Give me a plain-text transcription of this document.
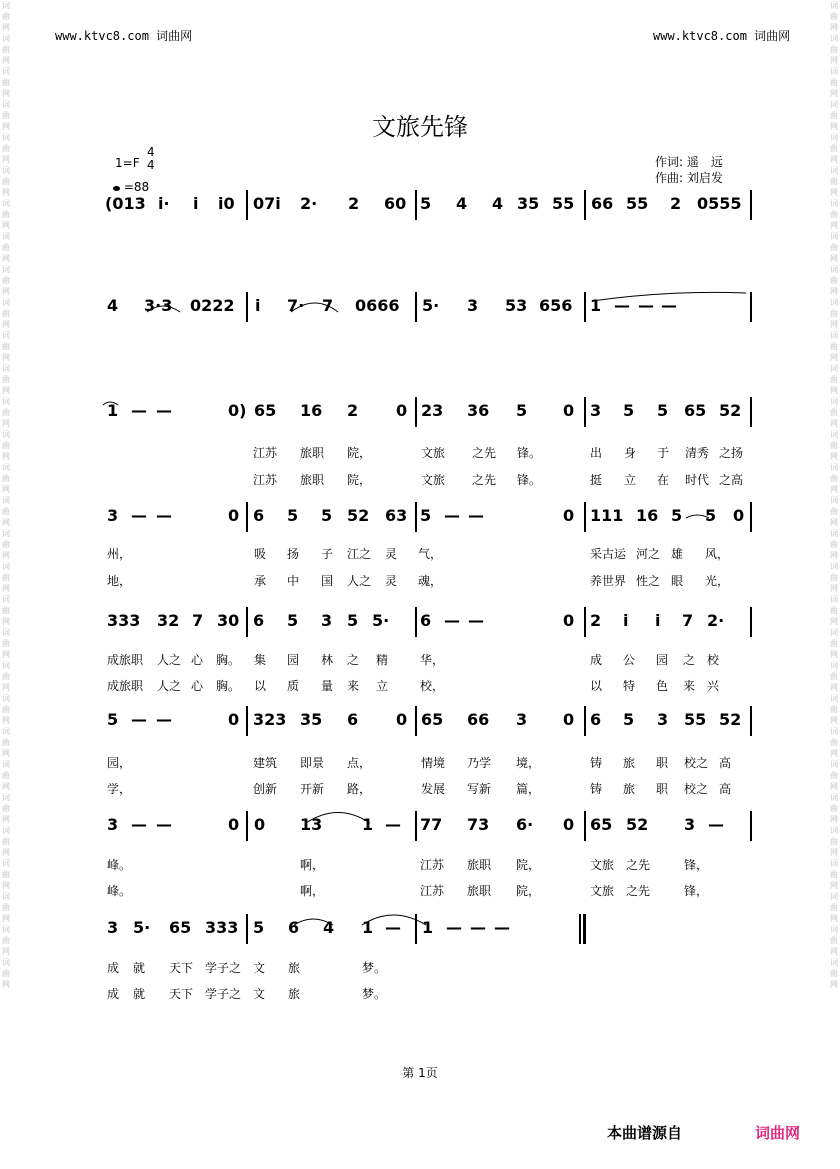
词曲网词曲网词曲网词曲网词曲网词曲网词曲网词曲网词曲网词曲网词曲网词曲网词曲网词曲网词曲网词曲网词曲网词曲网词曲网词曲网词曲网词曲网词曲网词曲网词曲网词曲网词曲网词曲网词曲网词曲网
词曲网词曲网词曲网词曲网词曲网词曲网词曲网词曲网词曲网词曲网词曲网词曲网词曲网词曲网词曲网词曲网词曲网词曲网词曲网词曲网词曲网词曲网词曲网词曲网词曲网词曲网词曲网词曲网词曲网词曲网
www.ktvc8.com 词曲网	www.ktvc8.com 词曲网
文旅先锋
1=F
4
4
=88
作词: 遥　远
作曲: 刘启发
(013 i· i i0 07i 2· 2 60 5 4 4 35 55 66 55 2 0555
4 3·3 0222 i 7· 7 0666 5· 3 53 656 1 — — —
1 — —	0) 65 16 2 0 23 36 5 0 3 5 5 65 52
江苏 旅职 院，	文旅 之先 锋。	出 身 于 清秀 之扬
江苏 旅职 院，	文旅 之先 锋。	挺 立 在 时代 之高
3 — —	0 6 5 5 52 63 5 — —	0 111 16 5 5 0
州，	吸 扬 子 江之 灵 气，	采古运 河之 雄 风，
地，	承 中 国 人之 灵 魂，	养世界 性之 眼 光，
333 32 7 30 6 5 3 5 5· 6 — —	0 2 i i 7 2·
成旅职 人之 心 胸。 集 园 林 之 精	华，	成 公 园 之 校
成旅职 人之 心 胸。 以 质 量 来 立	校，	以 特 色 来 兴
5 — —	0 323 35 6 0 65 66 3 0 6 5 3 55 52
园，	建筑 即景 点，	情境 乃学 境，	铸 旅 职 校之 高
学，	创新 开新 路，	发展 写新 篇，	铸 旅 职 校之 高
3 — —	0 0 13 1 — 77 73 6· 0 65 52 3 —
峰。	啊，	江苏 旅职 院，	文旅 之先	锋，
峰。	啊，	江苏 旅职 院，	文旅 之先	锋，
3 5· 65 333 5 6 4 1 — 1 — — —
成 就 天下 学子之 文 旅	梦。
成 就 天下 学子之 文 旅	梦。
第 1页
本曲谱源自	词曲网
